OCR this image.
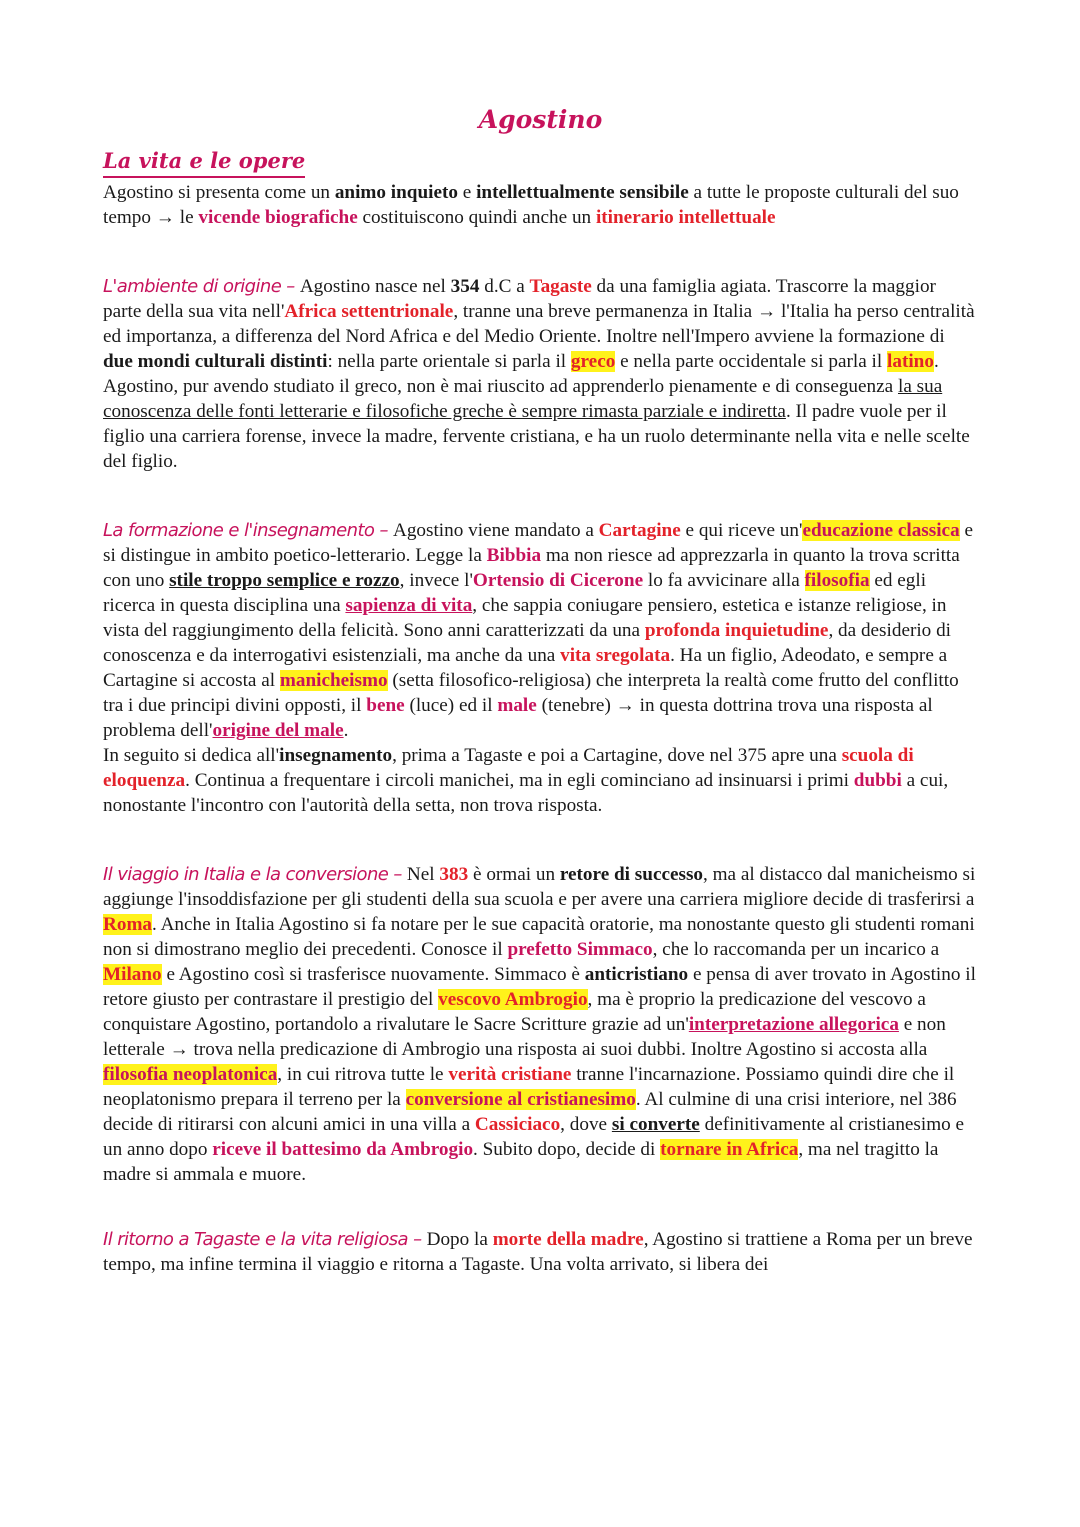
Agostino
La vita e le opere

Agostino si presenta come un animo inquieto e intellettualmente sensibile a tutte le proposte culturali del suo tempo → le vicende biografiche costituiscono quindi anche un itinerario intellettuale

L'ambiente di origine – Agostino nasce nel 354 d.C a Tagaste da una famiglia agiata. Trascorre la maggior parte della sua vita nell'Africa settentrionale, tranne una breve permanenza in Italia → l'Italia ha perso centralità ed importanza, a differenza del Nord Africa e del Medio Oriente. Inoltre nell'Impero avviene la formazione di due mondi culturali distinti: nella parte orientale si parla il greco e nella parte occidentale si parla il latino. Agostino, pur avendo studiato il greco, non è mai riuscito ad apprenderlo pienamente e di conseguenza la sua conoscenza delle fonti letterarie e filosofiche greche è sempre rimasta parziale e indiretta. Il padre vuole per il figlio una carriera forense, invece la madre, fervente cristiana, e ha un ruolo determinante nella vita e nelle scelte del figlio.
La formazione e l'insegnamento – Agostino viene mandato a Cartagine e qui riceve un'educazione classica e si distingue in ambito poetico-letterario. Legge la Bibbia ma non riesce ad apprezzarla in quanto la trova scritta con uno stile troppo semplice e rozzo, invece l'Ortensio di Cicerone lo fa avvicinare alla filosofia ed egli ricerca in questa disciplina una sapienza di vita, che sappia coniugare pensiero, estetica e istanze religiose, in vista del raggiungimento della felicità. Sono anni caratterizzati da una profonda inquietudine, da desiderio di conoscenza e da interrogativi esistenziali, ma anche da una vita sregolata. Ha un figlio, Adeodato, e sempre a Cartagine si accosta al manicheismo (setta filosofico-religiosa) che interpreta la realtà come frutto del conflitto tra i due principi divini opposti, il bene (luce) ed il male (tenebre) → in questa dottrina trova una risposta al problema dell'origine del male.
In seguito si dedica all'insegnamento, prima a Tagaste e poi a Cartagine, dove nel 375 apre una scuola di eloquenza. Continua a frequentare i circoli manichei, ma in egli cominciano ad insinuarsi i primi dubbi a cui, nonostante l'incontro con l'autorità della setta, non trova risposta.
Il viaggio in Italia e la conversione – Nel 383 è ormai un retore di successo, ma al distacco dal manicheismo si aggiunge l'insoddisfazione per gli studenti della sua scuola e per avere una carriera migliore decide di trasferirsi a Roma. Anche in Italia Agostino si fa notare per le sue capacità oratorie, ma nonostante questo gli studenti romani non si dimostrano meglio dei precedenti. Conosce il prefetto Simmaco, che lo raccomanda per un incarico a Milano e Agostino così si trasferisce nuovamente. Simmaco è anticristiano e pensa di aver trovato in Agostino il retore giusto per contrastare il prestigio del vescovo Ambrogio, ma è proprio la predicazione del vescovo a conquistare Agostino, portandolo a rivalutare le Sacre Scritture grazie ad un'interpretazione allegorica e non letterale → trova nella predicazione di Ambrogio una risposta ai suoi dubbi. Inoltre Agostino si accosta alla filosofia neoplatonica, in cui ritrova tutte le verità cristiane tranne l'incarnazione. Possiamo quindi dire che il neoplatonismo prepara il terreno per la conversione al cristianesimo. Al culmine di una crisi interiore, nel 386 decide di ritirarsi con alcuni amici in una villa a Cassiciaco, dove si converte definitivamente al cristianesimo e un anno dopo riceve il battesimo da Ambrogio. Subito dopo, decide di tornare in Africa, ma nel tragitto la madre si ammala e muore.
Il ritorno a Tagaste e la vita religiosa – Dopo la morte della madre, Agostino si trattiene a Roma per un breve tempo, ma infine termina il viaggio e ritorna a Tagaste. Una volta arrivato, si libera dei
